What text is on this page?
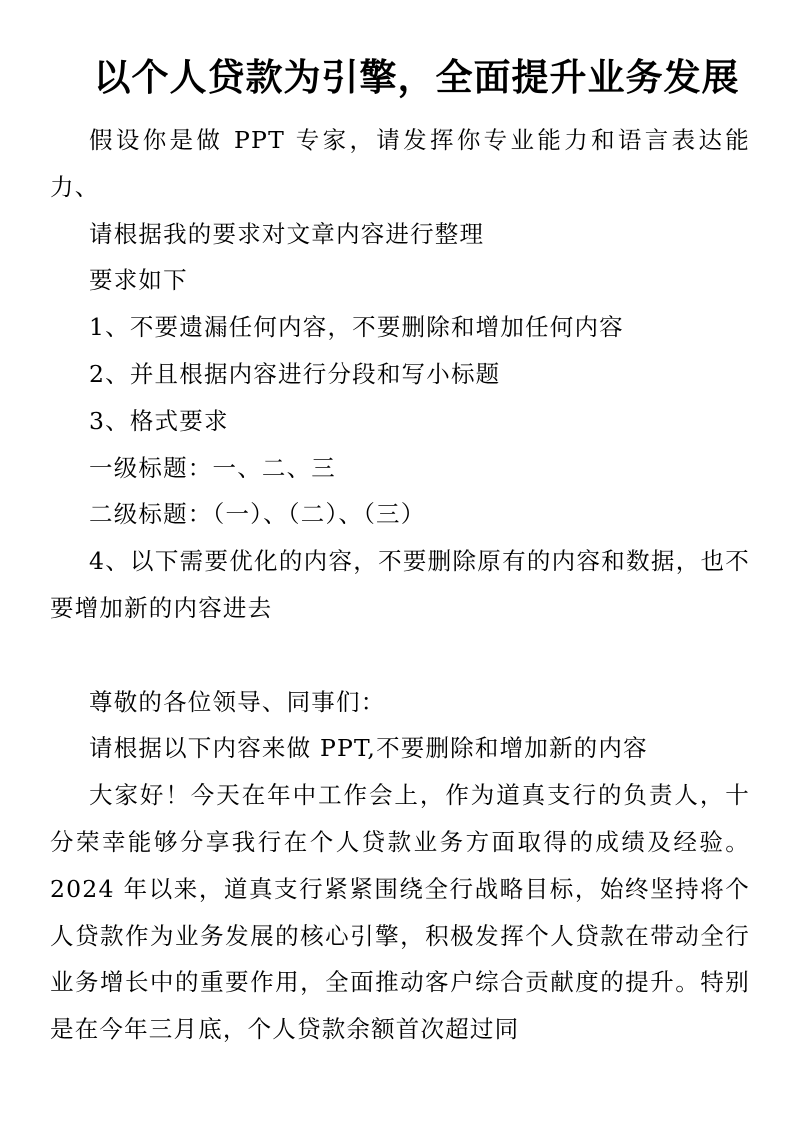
以个人贷款为引擎，全面提升业务发展

假设你是做 PPT 专家，请发挥你专业能力和语言表达能力、

请根据我的要求对文章内容进行整理

要求如下

1、不要遗漏任何内容，不要删除和增加任何内容

2、并且根据内容进行分段和写小标题

3、格式要求

一级标题：一、二、三

二级标题：（一）、（二）、（三）

4、以下需要优化的内容，不要删除原有的内容和数据，也不要增加新的内容进去

尊敬的各位领导、同事们：

请根据以下内容来做 PPT,不要删除和增加新的内容

大家好！今天在年中工作会上，作为道真支行的负责人，十分荣幸能够分享我行在个人贷款业务方面取得的成绩及经验。2024 年以来，道真支行紧紧围绕全行战略目标，始终坚持将个人贷款作为业务发展的核心引擎，积极发挥个人贷款在带动全行业务增长中的重要作用，全面推动客户综合贡献度的提升。特别是在今年三月底，个人贷款余额首次超过同
